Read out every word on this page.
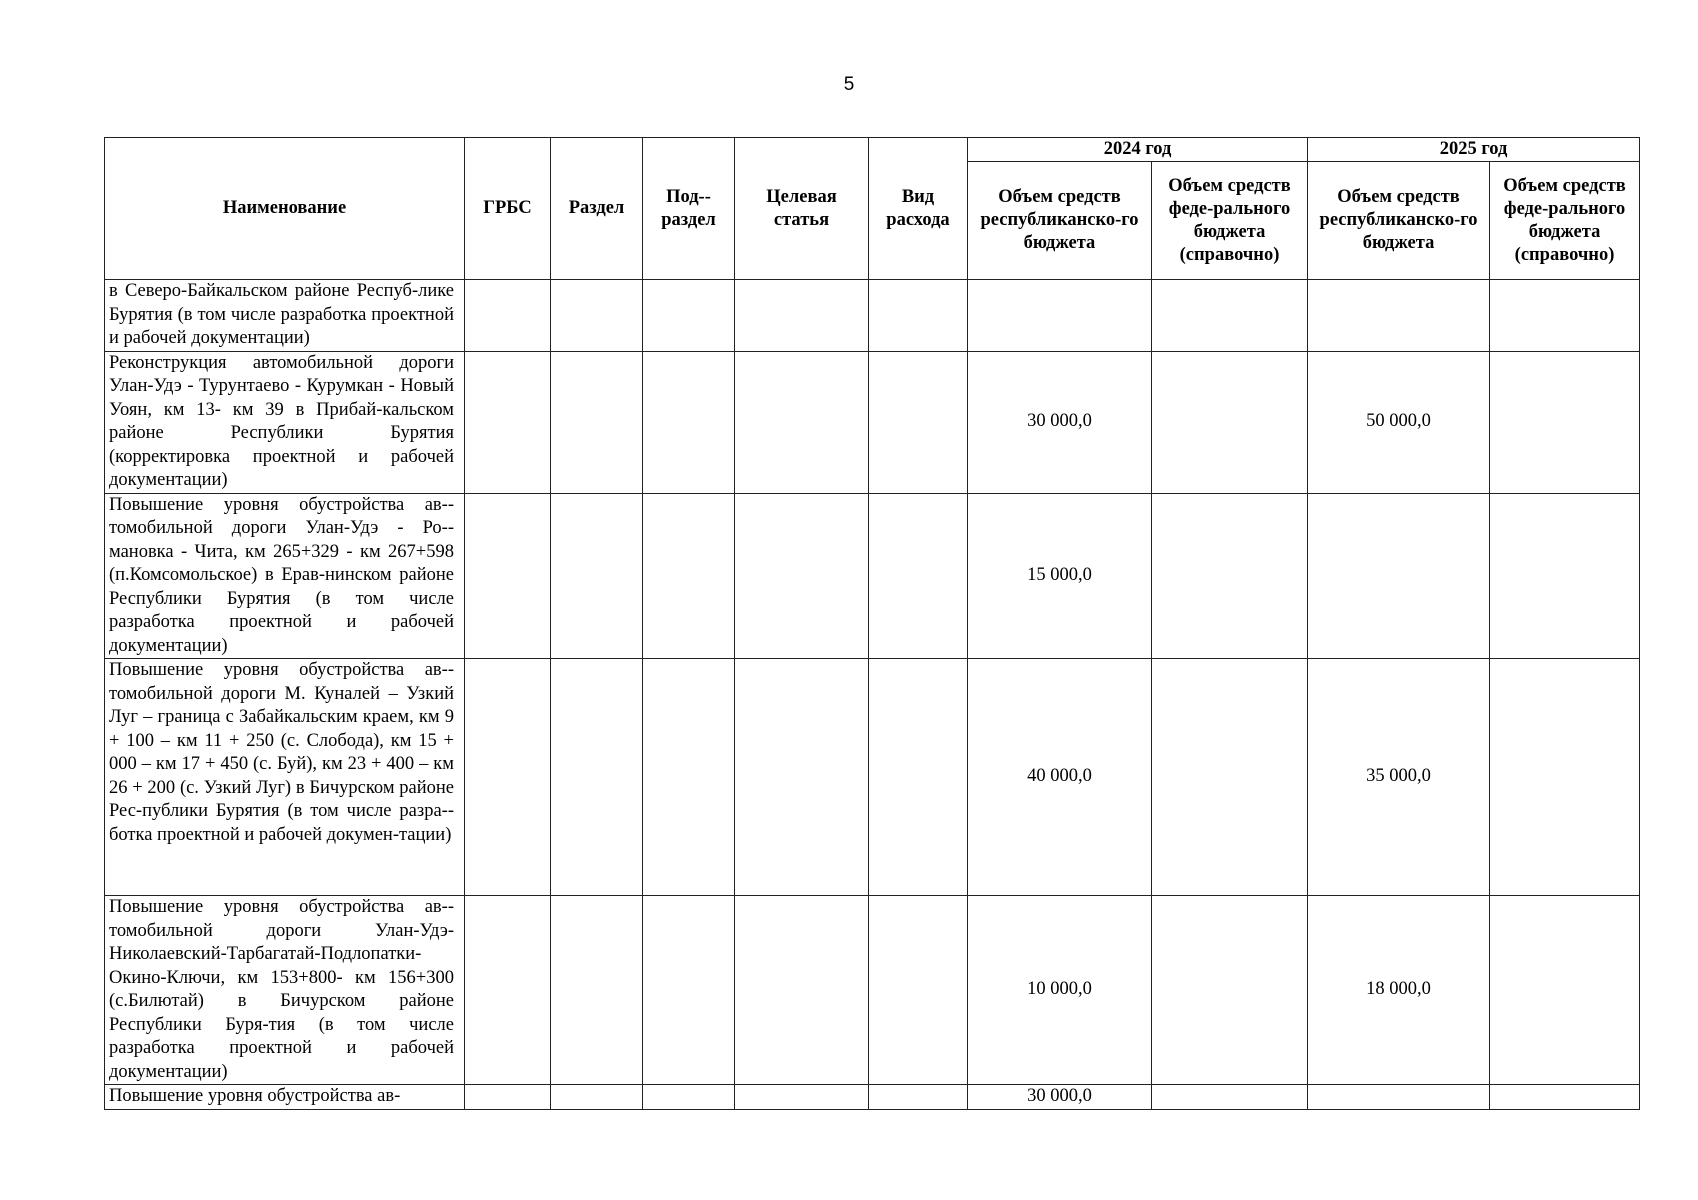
5
Наименование	ГРБС	Раздел	Под-раздел	Целевая статья	Вид расхода	2024 год		2025 год	
						Объем средств республиканско-го бюджета	Объем средств феде-рального бюджета (справочно)	Объем средств республиканско-го бюджета	Объем средств феде-рального бюджета (справочно)
в Северо-Байкальском районе Респуб-лике Бурятия (в том числе разработка проектной и рабочей документации)									
Реконструкция автомобильной дороги Улан-Удэ - Турунтаево - Курумкан - Новый Уоян, км 13- км 39 в Прибай-кальском районе Республики Бурятия (корректировка проектной и рабочей документации)						30 000,0		50 000,0	
Повышение уровня обустройства ав-томобильной дороги Улан-Удэ - Ро-мановка - Чита, км 265+329 - км 267+598 (п.Комсомольское) в Ерав-нинском районе Республики Бурятия (в том числе разработка проектной и рабочей документации)						15 000,0			
Повышение уровня обустройства ав-томобильной дороги М. Куналей – Узкий Луг – граница с Забайкальским краем, км 9 + 100 – км 11 + 250 (с. Слобода), км 15 + 000 – км 17 + 450 (с. Буй), км 23 + 400 – км 26 + 200 (с. Узкий Луг) в Бичурском районе Рес-публики Бурятия (в том числе разра-ботка проектной и рабочей докумен-тации)						40 000,0		35 000,0	
Повышение уровня обустройства ав-томобильной дороги Улан-Удэ-Николаевский-Тарбагатай-Подлопатки-Окино-Ключи, км 153+800- км 156+300 (с.Билютай) в Бичурском районе Республики Буря-тия (в том числе разработка проектной и рабочей документации)						10 000,0		18 000,0	
Повышение уровня обустройства ав-						30 000,0			
